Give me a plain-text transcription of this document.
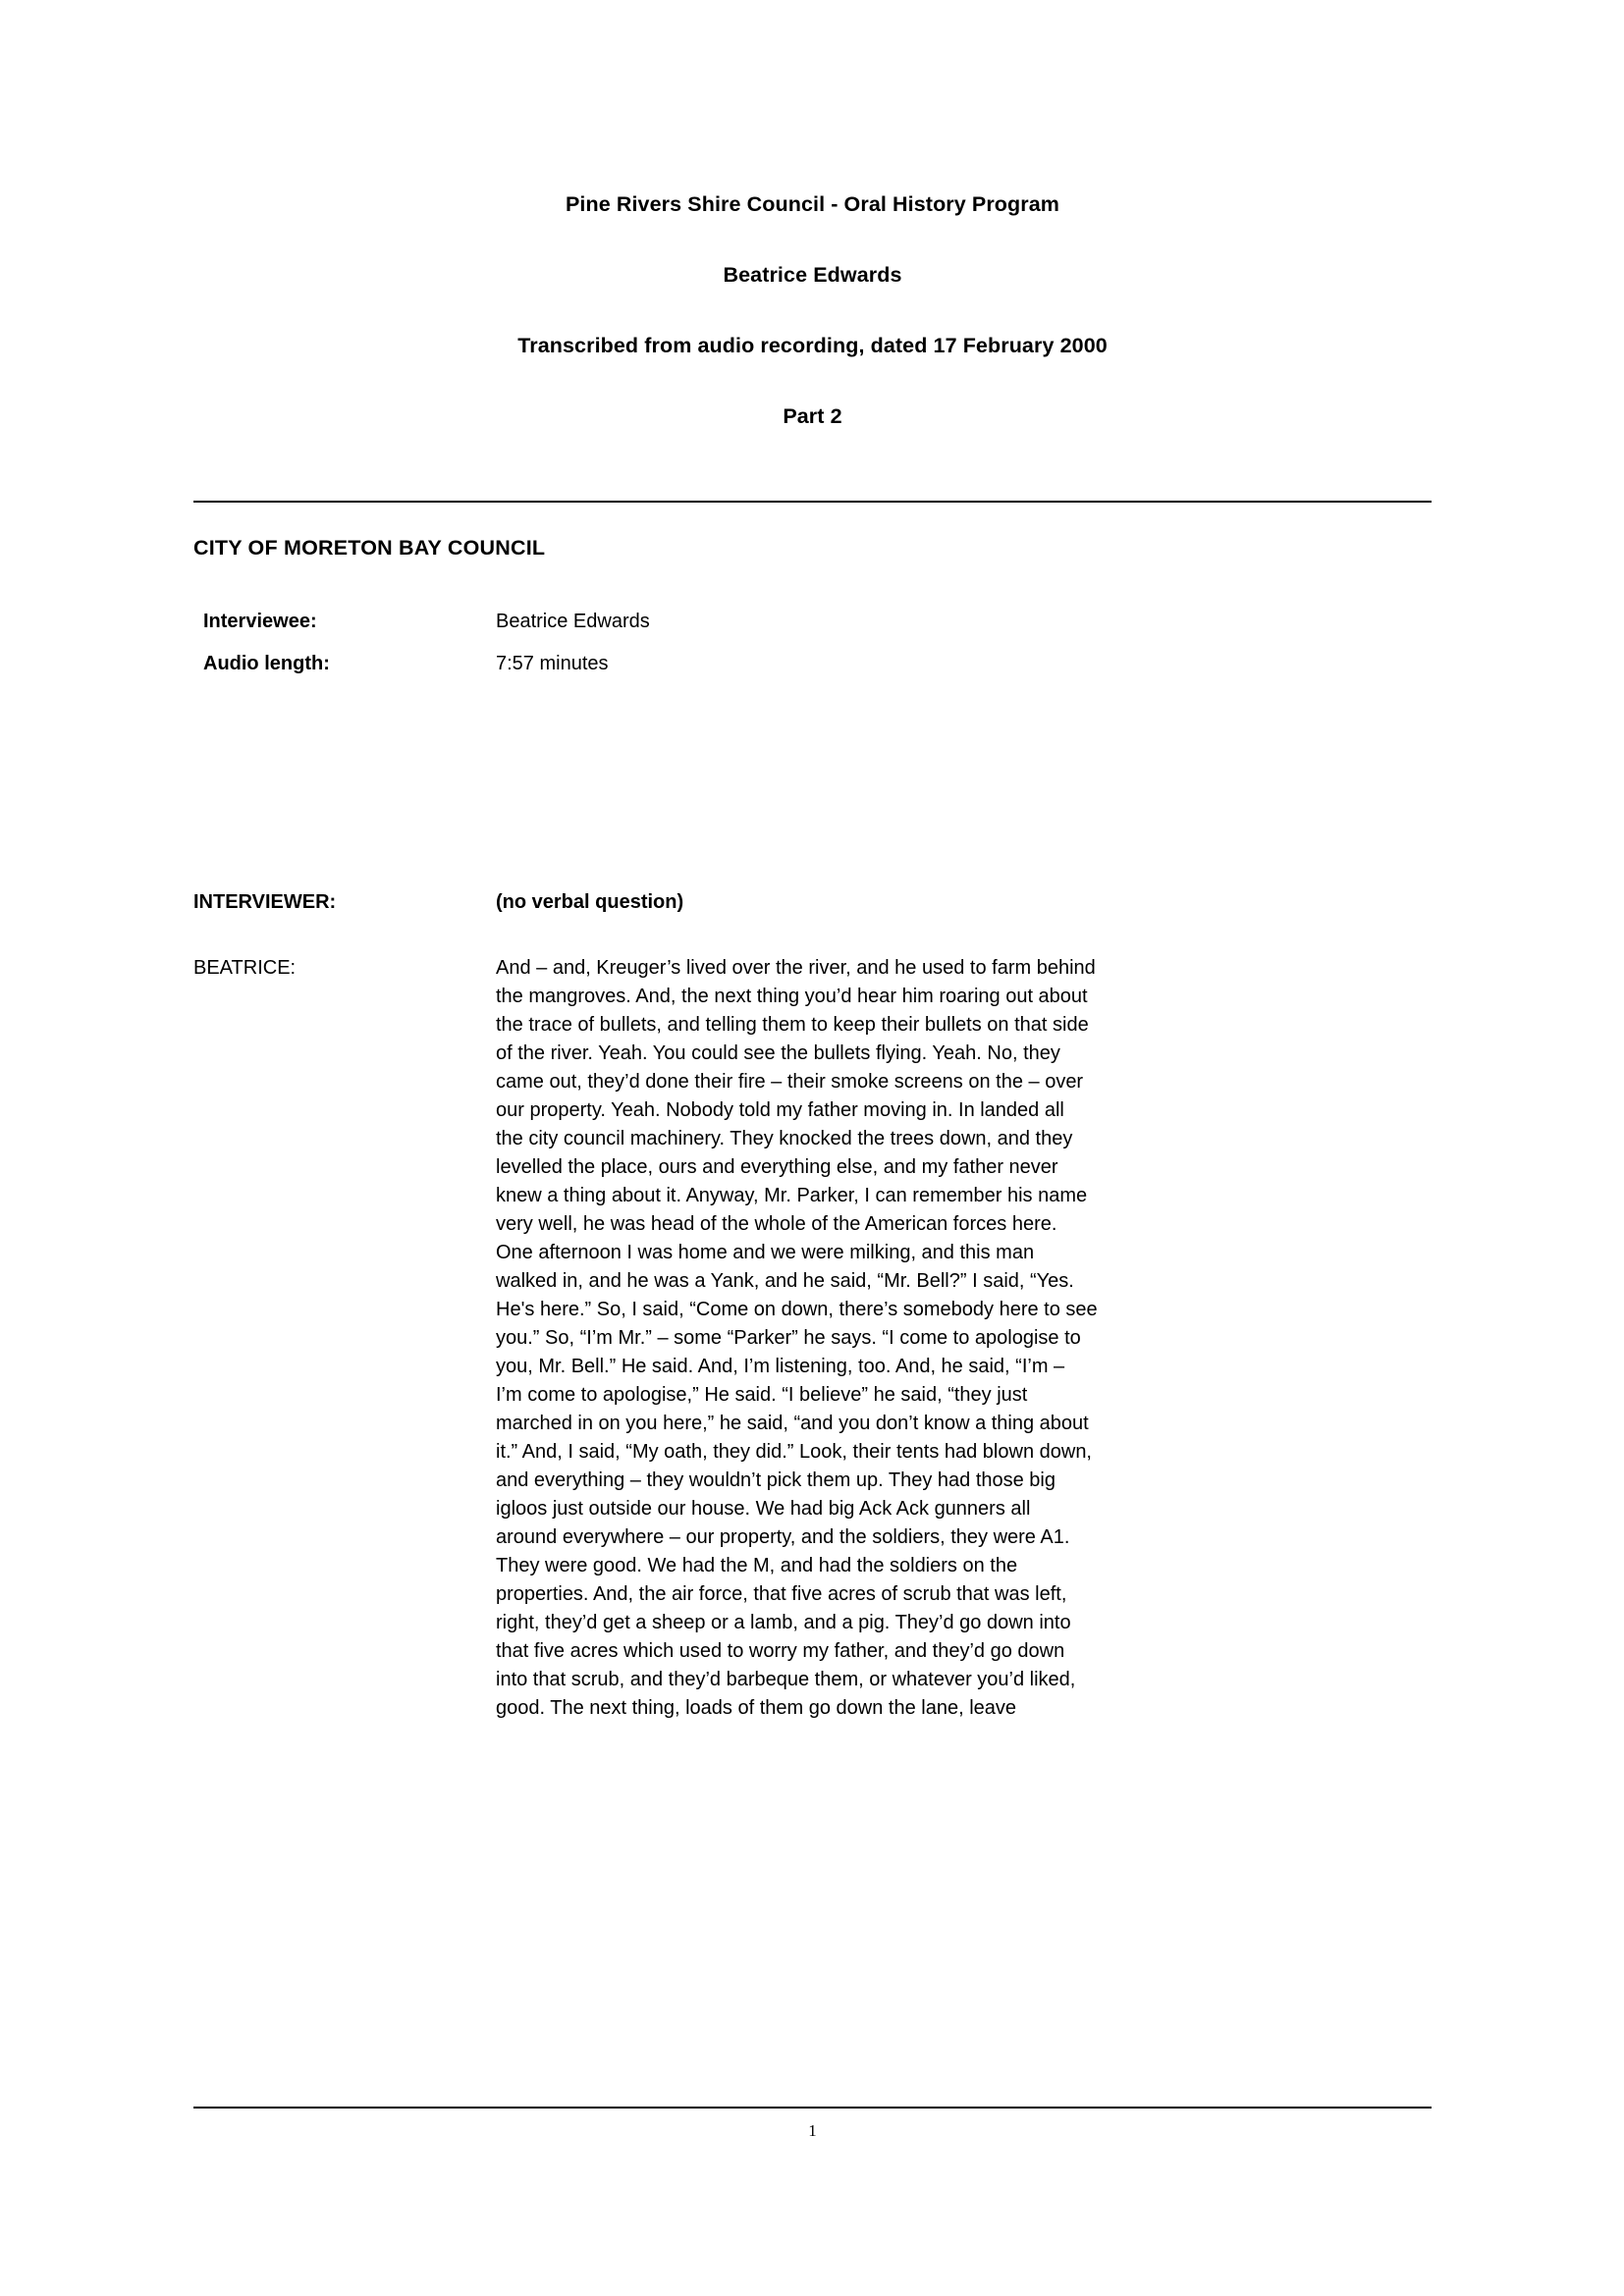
Pine Rivers Shire Council - Oral History Program
Beatrice Edwards
Transcribed from audio recording, dated 17 February 2000
Part 2
CITY OF MORETON BAY COUNCIL
Interviewee:	Beatrice Edwards
Audio length:	7:57 minutes
INTERVIEWER:	(no verbal question)
BEATRICE:	And – and, Kreuger’s lived over the river, and he used to farm behind
the mangroves. And, the next thing you’d hear him roaring out about
the trace of bullets, and telling them to keep their bullets on that side
of the river. Yeah. You could see the bullets flying. Yeah. No, they
came out, they’d done their fire – their smoke screens on the – over
our property. Yeah. Nobody told my father moving in. In landed all
the city council machinery. They knocked the trees down, and they
levelled the place, ours and everything else, and my father never
knew a thing about it. Anyway, Mr. Parker, I can remember his name
very well, he was head of the whole of the American forces here.
One afternoon I was home and we were milking, and this man
walked in, and he was a Yank, and he said, “Mr. Bell?” I said, “Yes.
He's here.” So, I said, “Come on down, there’s somebody here to see
you.” So, “I’m Mr.” – some “Parker” he says. “I come to apologise to
you, Mr. Bell.” He said. And, I’m listening, too. And, he said, “I’m –
I’m come to apologise,” He said. “I believe” he said, “they just
marched in on you here,” he said, “and you don’t know a thing about
it.” And, I said, “My oath, they did.” Look, their tents had blown down,
and everything – they wouldn’t pick them up. They had those big
igloos just outside our house. We had big Ack Ack gunners all
around everywhere – our property, and the soldiers, they were A1.
They were good. We had the M, and had the soldiers on the
properties. And, the air force, that five acres of scrub that was left,
right, they’d get a sheep or a lamb, and a pig. They’d go down into
that five acres which used to worry my father, and they’d go down
into that scrub, and they’d barbeque them, or whatever you’d liked,
good. The next thing, loads of them go down the lane, leave
1
